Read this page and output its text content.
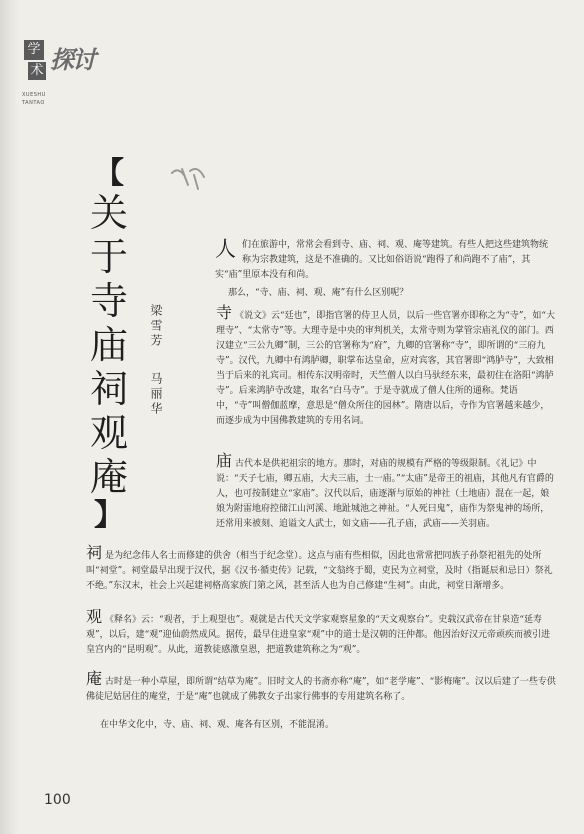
学
术 探讨
XUESHU
TANTAO
【
关
于
寺
庙
祠
观
庵
】
梁雪芳
马丽华
人们在旅游中，常常会看到寺、庙、祠、观、庵等建筑。有些人把这些建筑物统称为宗教建筑，这是不准确的。又比如俗语说“跑得了和尚跑不了庙”，其实“庙”里原本没有和尚。
那么，“寺、庙、祠、观、庵”有什么区别呢？
寺 《说文》云“廷也”，即指官署的侍卫人员，以后一些官署亦即称之为“寺”，如“大理寺”、“太常寺”等。大理寺是中央的审判机关，太常寺则为掌管宗庙礼仪的部门。西汉建立“三公九卿”制，三公的官署称为“府”，九卿的官署称“寺”，即所谓的“三府九寺”。汉代，九卿中有鸿胪卿，职掌布达皇命，应对宾客，其官署即“鸿胪寺”，大致相当于后来的礼宾司。相传东汉明帝时，天竺僧人以白马驮经东来，最初住在洛阳“鸿胪寺”。后来鸿胪寺改建，取名“白马寺”。于是寺就成了僧人住所的通称。梵语中，“寺”叫僧伽蓝摩，意思是“僧众所住的园林”。隋唐以后，寺作为官署越来越少，而逐步成为中国佛教建筑的专用名词。
庙古代本是供祀祖宗的地方。那时，对庙的规模有严格的等级限制。《礼记》中说：“天子七庙，卿五庙，大夫三庙，士一庙。”“太庙”是帝王的祖庙，其他凡有官爵的人，也可按制建立“家庙”。汉代以后，庙逐渐与原始的神社（土地庙）混在一起，娘娘为附雷地府控储江山河溪、地趾城池之神祉。“人死曰鬼”，庙作为祭鬼神的场所，还常用来被刻、追谥文人武士，如文庙——孔子庙，武庙——关羽庙。
祠是为纪念伟人名士而修建的供舍（相当于纪念堂）。这点与庙有些相似，因此也常常把同族子孙祭祀祖先的处所叫“祠堂”。祠堂最早出现于汉代，据《汉书·循吏传》记载，“文翁终于蜀，吏民为立祠堂，及时（指诞辰和忌日）祭礼不绝。”东汉末，社会上兴起建祠格高家族门第之风，甚至活人也为自己修建“生祠”。由此，祠堂日渐增多。
观 《释名》云：“观者，于上观望也”。观就是古代天文学家观察星象的“天文观察台”。史载汉武帝在甘泉造“延寿观”，以后，建“观”迎仙蔚然成风。据传，最早住进皇家“观”中的道士是汉朝的汪仲都。他因治好汉元帝顽疾而被引进皇宫内的“昆明观”。从此，道教徒感激皇恩，把道教建筑称之为“观”。
庵古时是一种小草屋，即所谓“结草为庵”。旧时文人的书斋亦称“庵”，如“老学庵”、“影梅庵”。汉以后建了一些专供佛徒尼姑居住的庵堂，于是“庵”也就成了佛教女子出家行佛事的专用建筑名称了。
在中华文化中，寺、庙、祠、观、庵各有区别，不能混淆。
100
